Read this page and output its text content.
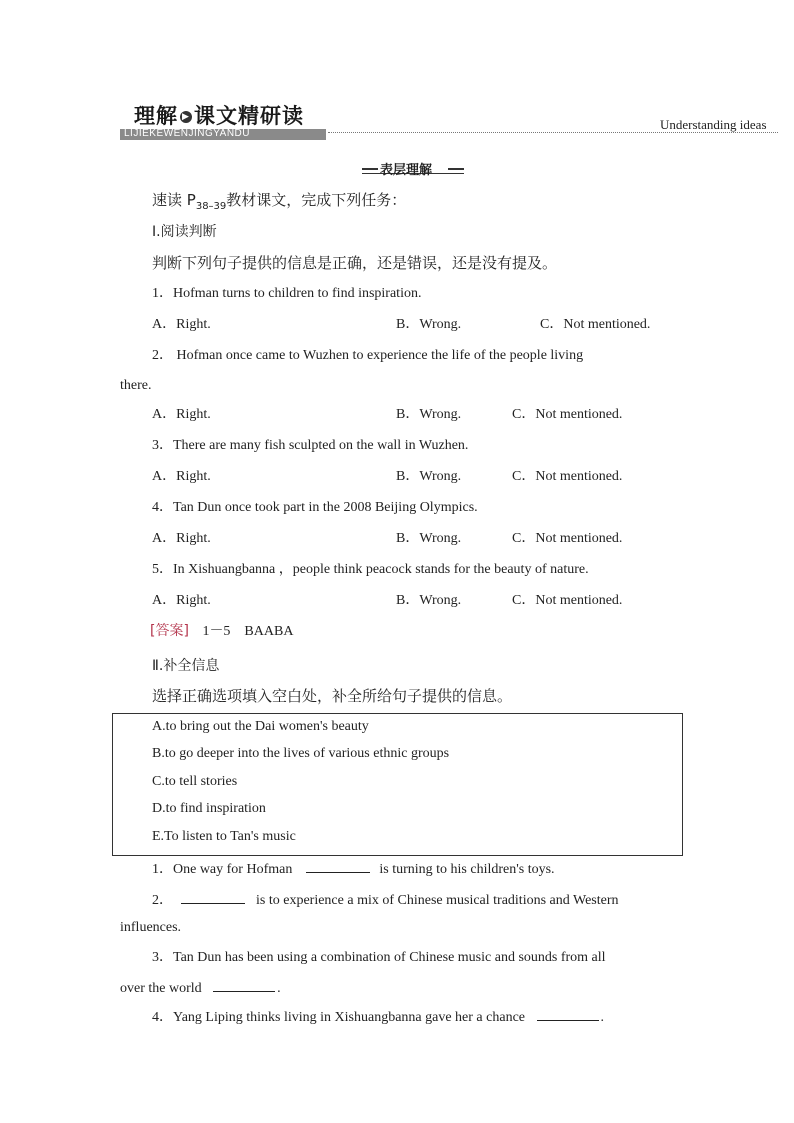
理解 ▶ 课文精研读
LIJIEKEWENJINGYANDU
Understanding ideas
表层理解
速读 $P_{38-39}$教材课文，完成下列任务：
Ⅰ.阅读判断
判断下列句子提供的信息是正确，还是错误，还是没有提及。
1．Hofman turns to children to find inspiration.
A．Right.	B．Wrong.	C．Not mentioned.
2． Hofman once came to Wuzhen to experience the life of the people living
there.
A．Right.	B．Wrong.	C．Not mentioned.
3．There are many fish sculpted on the wall in Wuzhen.
A．Right.	B．Wrong.	C．Not mentioned.
4．Tan Dun once took part in the 2008 Beijing Olympics.
A．Right.	B．Wrong.	C．Not mentioned.
5．In Xishuangbanna ，people think peacock stands for the beauty of nature.
A．Right.	B．Wrong.	C．Not mentioned.
[答案] 1－5    BAABA
Ⅱ.补全信息
选择正确选项填入空白处，补全所给句子提供的信息。
A.to bring out the Dai women's beauty
B.to go deeper into the lives of various ethnic groups
C.to tell stories
D.to find inspiration
E.To listen to Tan's music
1．One way for Hofman	is turning to his children's toys.
2．	is to experience a mix of Chinese musical traditions and Western
influences.
3．Tan Dun has been using a combination of Chinese music and sounds from all
over the world	.
4．Yang Liping thinks living in Xishuangbanna gave her a chance	.
